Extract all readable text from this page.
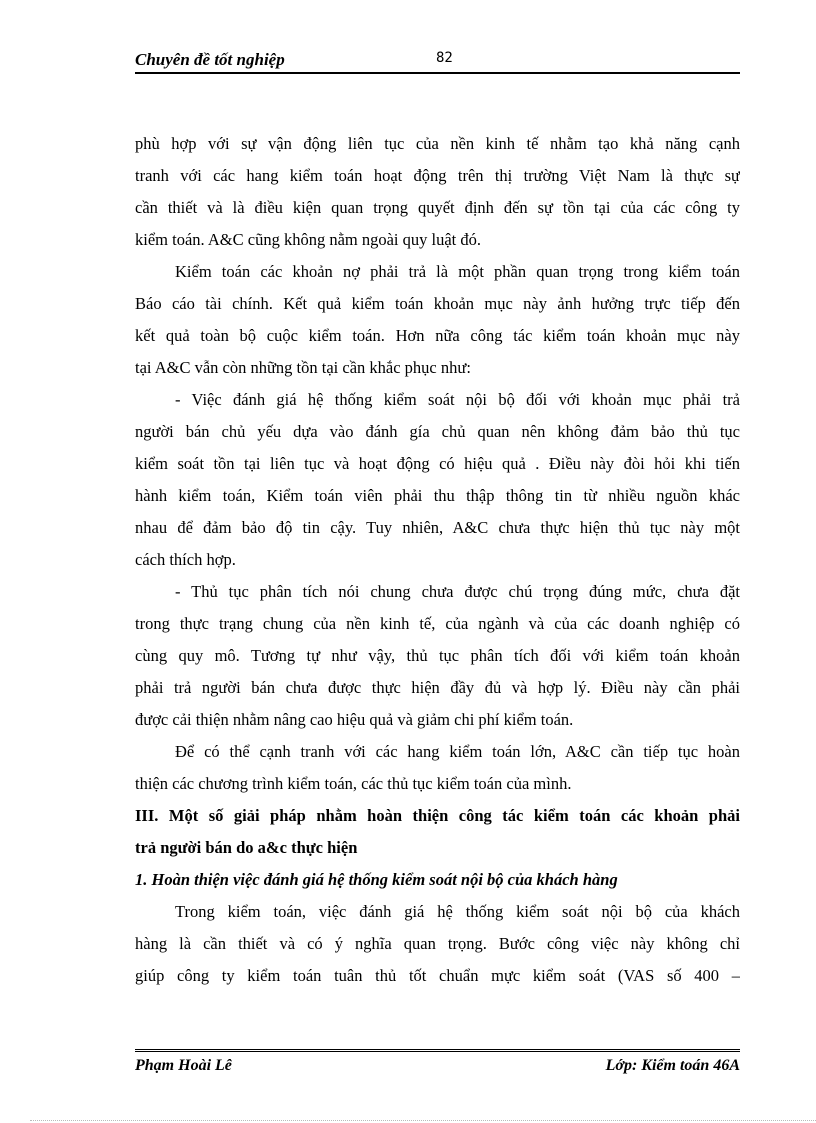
Chuyên đề tốt nghiệp	82
phù hợp với sự vận động liên tục của nền kinh tế nhằm tạo khả năng cạnh
tranh với các hang kiểm toán hoạt động trên thị trường Việt Nam là thực sự
cần thiết và là điều kiện quan trọng quyết định đến sự tồn tại của các công ty
kiểm toán. A&C cũng không nằm ngoài quy luật đó.
Kiểm toán các khoản nợ phải trả là một phần quan trọng trong kiểm toán
Báo cáo tài chính. Kết quả kiểm toán khoản mục này ảnh hưởng trực tiếp đến
kết quả toàn bộ cuộc kiểm toán. Hơn nữa công tác kiểm toán khoản mục này
tại A&C vẫn còn những tồn tại cần khắc phục như:
- Việc đánh giá hệ thống kiểm soát nội bộ đối với khoản mục phải trả
người bán chủ yếu dựa vào đánh gía chủ quan nên không đảm bảo thủ tục
kiểm soát tồn tại liên tục và hoạt động có hiệu quả . Điều này đòi hỏi khi tiến
hành kiểm toán, Kiểm toán viên phải thu thập thông tin từ nhiều nguồn khác
nhau để đảm bảo độ tin cậy. Tuy nhiên, A&C chưa thực hiện thủ tục này một
cách thích hợp.
- Thủ tục phân tích nói chung chưa được chú trọng đúng mức, chưa đặt
trong thực trạng chung của nền kinh tế, của ngành và của các doanh nghiệp có
cùng quy mô. Tương tự như vậy, thủ tục phân tích đối với kiểm toán khoản
phải trả người bán chưa được thực hiện đầy đủ và hợp lý. Điều này cần phải
được cải thiện nhằm nâng cao hiệu quả và giảm chi phí kiểm toán.
Để có thể cạnh tranh với các hang kiểm toán lớn, A&C cần tiếp tục hoàn
thiện các chương trình kiểm toán, các thủ tục kiểm toán của mình.
III. Một số giải pháp nhằm hoàn thiện công tác kiểm toán các khoản phải
trả người bán do a&c thực hiện
1. Hoàn thiện việc đánh giá hệ thống kiểm soát nội bộ của khách hàng
Trong kiểm toán, việc đánh giá hệ thống kiểm soát nội bộ của khách
hàng là cần thiết và có ý nghĩa quan trọng. Bước công việc này không chỉ
giúp công ty kiểm toán tuân thủ tốt chuẩn mực kiểm soát (VAS số 400 –
Phạm Hoài Lê	Lớp: Kiểm toán 46A
